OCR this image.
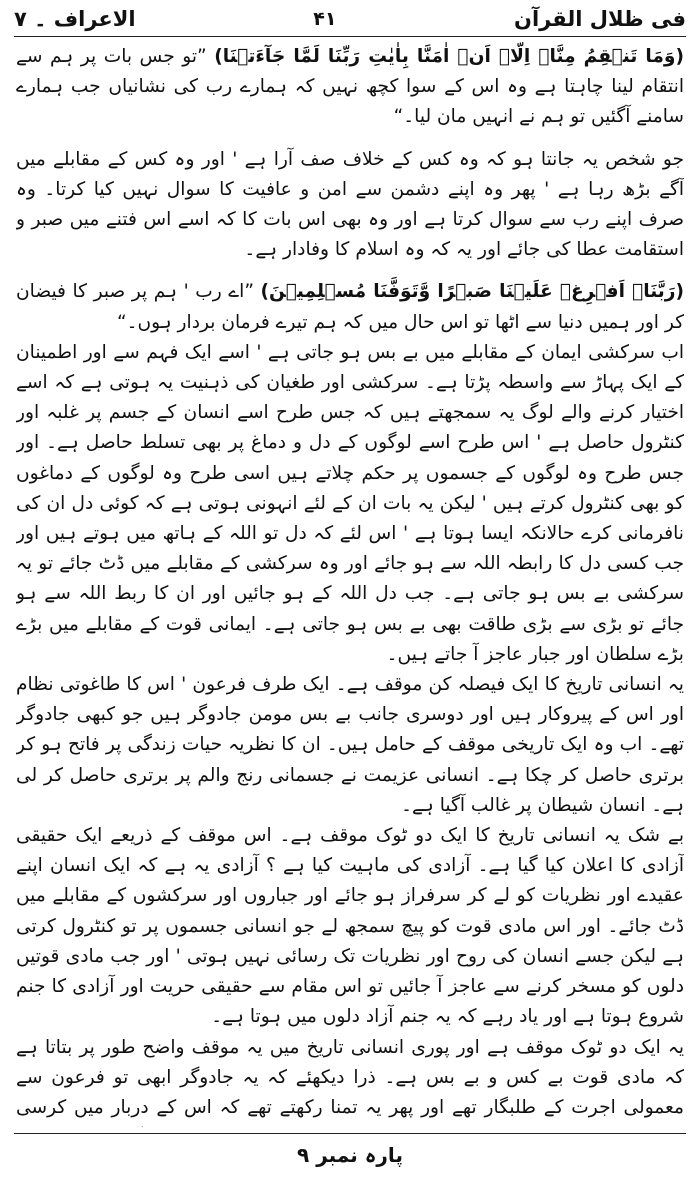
فی ظلال القرآن
۴۱
الاعراف ۔ ۷

(وَمَا تَنۡقِمُ مِنَّاۤ اِلَّاۤ اَنۡ اٰمَنَّا بِاٰيٰتِ رَبِّنَا لَمَّا جَآءَتۡنَا) ”تو جس بات پر ہم سے انتقام لینا چاہتا ہے وہ اس کے سوا کچھ نہیں کہ ہمارے رب کی نشانیاں جب ہمارے سامنے آگئیں تو ہم نے انہیں مان لیا۔“

جو شخص یہ جانتا ہو کہ وہ کس کے خلاف صف آرا ہے ' اور وہ کس کے مقابلے میں آگے بڑھ رہا ہے ' پھر وہ اپنے دشمن سے امن و عافیت کا سوال نہیں کیا کرتا۔ وہ صرف اپنے رب سے سوال کرتا ہے اور وہ بھی اس بات کا کہ اسے اس فتنے میں صبر و استقامت عطا کی جائے اور یہ کہ وہ اسلام کا وفادار ہے۔

(رَبَّنَاۤ اَفۡرِغۡ عَلَيۡنَا صَبۡرًا وَّتَوَفَّنَا مُسۡلِمِيۡنَ) ”اے رب ' ہم پر صبر کا فیضان کر اور ہمیں دنیا سے اٹھا تو اس حال میں کہ ہم تیرے فرمان بردار ہوں۔“

اب سرکشی ایمان کے مقابلے میں بے بس ہو جاتی ہے ' اسے ایک فہم سے اور اطمینان کے ایک پہاڑ سے واسطہ پڑتا ہے۔ سرکشی اور طغیان کی ذہنیت یہ ہوتی ہے کہ اسے اختیار کرنے والے لوگ یہ سمجھتے ہیں کہ جس طرح اسے انسان کے جسم پر غلبہ اور کنٹرول حاصل ہے ' اس طرح اسے لوگوں کے دل و دماغ پر بھی تسلط حاصل ہے۔ اور جس طرح وہ لوگوں کے جسموں پر حکم چلاتے ہیں اسی طرح وہ لوگوں کے دماغوں کو بھی کنٹرول کرتے ہیں ' لیکن یہ بات ان کے لئے انہونی ہوتی ہے کہ کوئی دل ان کی نافرمانی کرے حالانکہ ایسا ہوتا ہے ' اس لئے کہ دل تو اللہ کے ہاتھ میں ہوتے ہیں اور جب کسی دل کا رابطہ اللہ سے ہو جائے اور وہ سرکشی کے مقابلے میں ڈٹ جائے تو یہ سرکشی بے بس ہو جاتی ہے۔ جب دل اللہ کے ہو جائیں اور ان کا ربط اللہ سے ہو جائے تو بڑی سے بڑی طاقت بھی بے بس ہو جاتی ہے۔ ایمانی قوت کے مقابلے میں بڑے بڑے سلطان اور جبار عاجز آ جاتے ہیں۔

یہ انسانی تاریخ کا ایک فیصلہ کن موقف ہے۔ ایک طرف فرعون ' اس کا طاغوتی نظام اور اس کے پیروکار ہیں اور دوسری جانب بے بس مومن جادوگر ہیں جو کبھی جادوگر تھے۔ اب وہ ایک تاریخی موقف کے حامل ہیں۔ ان کا نظریہ حیات زندگی پر فاتح ہو کر برتری حاصل کر چکا ہے۔ انسانی عزیمت نے جسمانی رنج والم پر برتری حاصل کر لی ہے۔ انسان شیطان پر غالب آگیا ہے۔

بے شک یہ انسانی تاریخ کا ایک دو ٹوک موقف ہے۔ اس موقف کے ذریعے ایک حقیقی آزادی کا اعلان کیا گیا ہے۔ آزادی کی ماہیت کیا ہے ؟ آزادی یہ ہے کہ ایک انسان اپنے عقیدے اور نظریات کو لے کر سرفراز ہو جائے اور جباروں اور سرکشوں کے مقابلے میں ڈٹ جائے۔ اور اس مادی قوت کو پیچ سمجھ لے جو انسانی جسموں پر تو کنٹرول کرتی ہے لیکن جسے انسان کی روح اور نظریات تک رسائی نہیں ہوتی ' اور جب مادی قوتیں دلوں کو مسخر کرنے سے عاجز آ جائیں تو اس مقام سے حقیقی حریت اور آزادی کا جنم شروع ہوتا ہے اور یاد رہے کہ یہ جنم آزاد دلوں میں ہوتا ہے۔

یہ ایک دو ٹوک موقف ہے اور پوری انسانی تاریخ میں یہ موقف واضح طور پر بتاتا ہے کہ مادی قوت بے کس و بے بس ہے۔ ذرا دیکھئے کہ یہ جادوگر ابھی تو فرعون سے معمولی اجرت کے طلبگار تھے اور پھر یہ تمنا رکھتے تھے کہ اس کے دربار میں کرسی

پارہ نمبر ۹
